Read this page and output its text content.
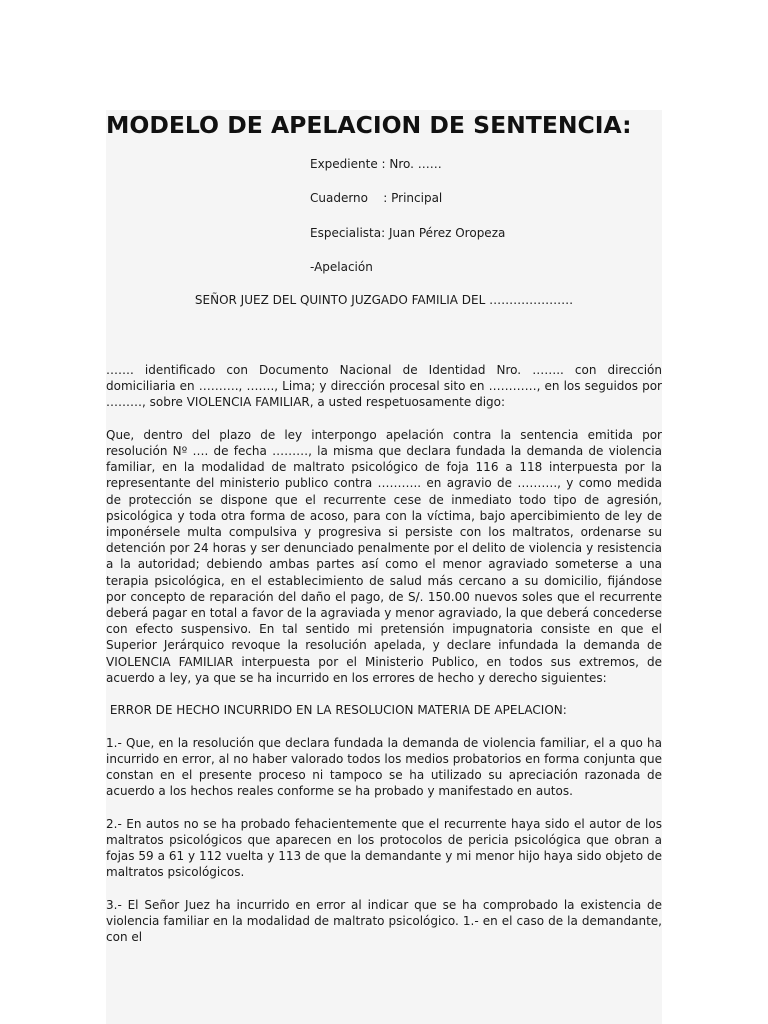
MODELO DE APELACION DE SENTENCIA:
Expediente : Nro. ……
Cuaderno    : Principal
Especialista: Juan Pérez Oropeza
-Apelación
SEÑOR JUEZ DEL QUINTO JUZGADO FAMILIA DEL …………………

……. identificado con Documento Nacional de Identidad Nro. …….. con dirección domiciliaria en ………., ……., Lima; y dirección procesal sito en …………, en los seguidos por ………, sobre VIOLENCIA FAMILIAR, a usted respetuosamente digo:

Que, dentro del plazo de ley interpongo apelación contra la sentencia emitida por resolución Nº …. de fecha ………, la misma que declara fundada la demanda de violencia familiar, en la modalidad de maltrato psicológico de foja 116 a 118 interpuesta por la representante del ministerio publico contra ……….. en agravio de ………., y como medida de protección se dispone que el recurrente cese de inmediato todo tipo de agresión, psicológica y toda otra forma de acoso, para con la víctima, bajo apercibimiento de ley de imponérsele multa compulsiva y progresiva si persiste con los maltratos, ordenarse su detención por 24 horas y ser denunciado penalmente por el delito de violencia y resistencia a la autoridad; debiendo ambas partes así como el menor agraviado someterse a una terapia psicológica, en el establecimiento de salud más cercano a su domicilio, fijándose por concepto de reparación del daño el pago, de S/. 150.00 nuevos soles que el recurrente deberá pagar en total a favor de la agraviada y menor agraviado, la que deberá concederse con efecto suspensivo. En tal sentido mi pretensión impugnatoria consiste en que el Superior Jerárquico revoque la resolución apelada, y declare infundada la demanda de VIOLENCIA FAMILIAR interpuesta por el Ministerio Publico, en todos sus extremos, de acuerdo a ley, ya que se ha incurrido en los errores de hecho y derecho siguientes:

ERROR DE HECHO INCURRIDO EN LA RESOLUCION MATERIA DE APELACION:

1.- Que, en la resolución que declara fundada la demanda de violencia familiar, el a quo ha incurrido en error, al no haber valorado todos los medios probatorios en forma conjunta que constan en el presente proceso ni tampoco se ha utilizado su apreciación razonada de acuerdo a los hechos reales conforme se ha probado y manifestado en autos.

2.- En autos no se ha probado fehacientemente que el recurrente haya sido el autor de los maltratos psicológicos que aparecen en los protocolos de pericia psicológica que obran a fojas 59 a 61 y 112 vuelta y 113 de que la demandante y mi menor hijo haya sido objeto de maltratos psicológicos.

3.- El Señor Juez ha incurrido en error al indicar que se ha comprobado la existencia de violencia familiar en la modalidad de maltrato psicológico. 1.- en el caso de la demandante, con el
